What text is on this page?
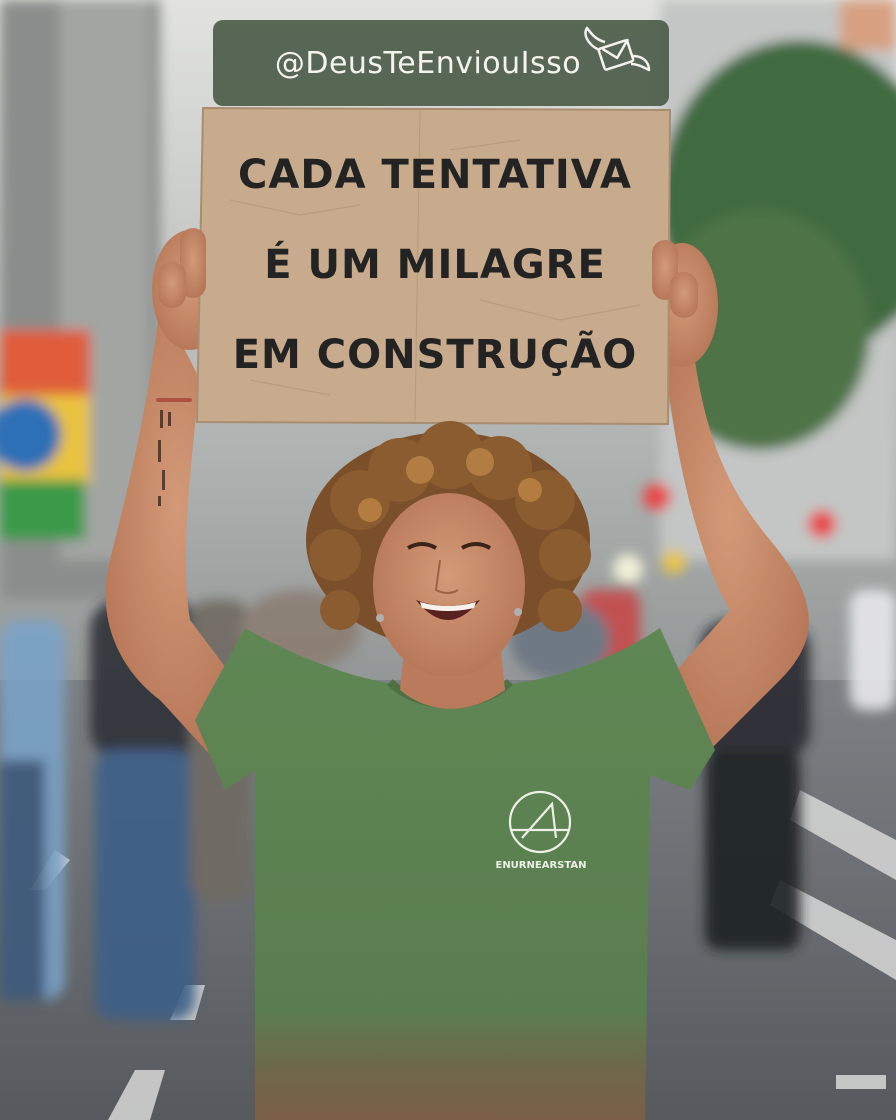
@DeusTeEnviouIsso
CADA TENTATIVA
É UM MILAGRE
EM CONSTRUÇÃO
ENURNEARSTAN
